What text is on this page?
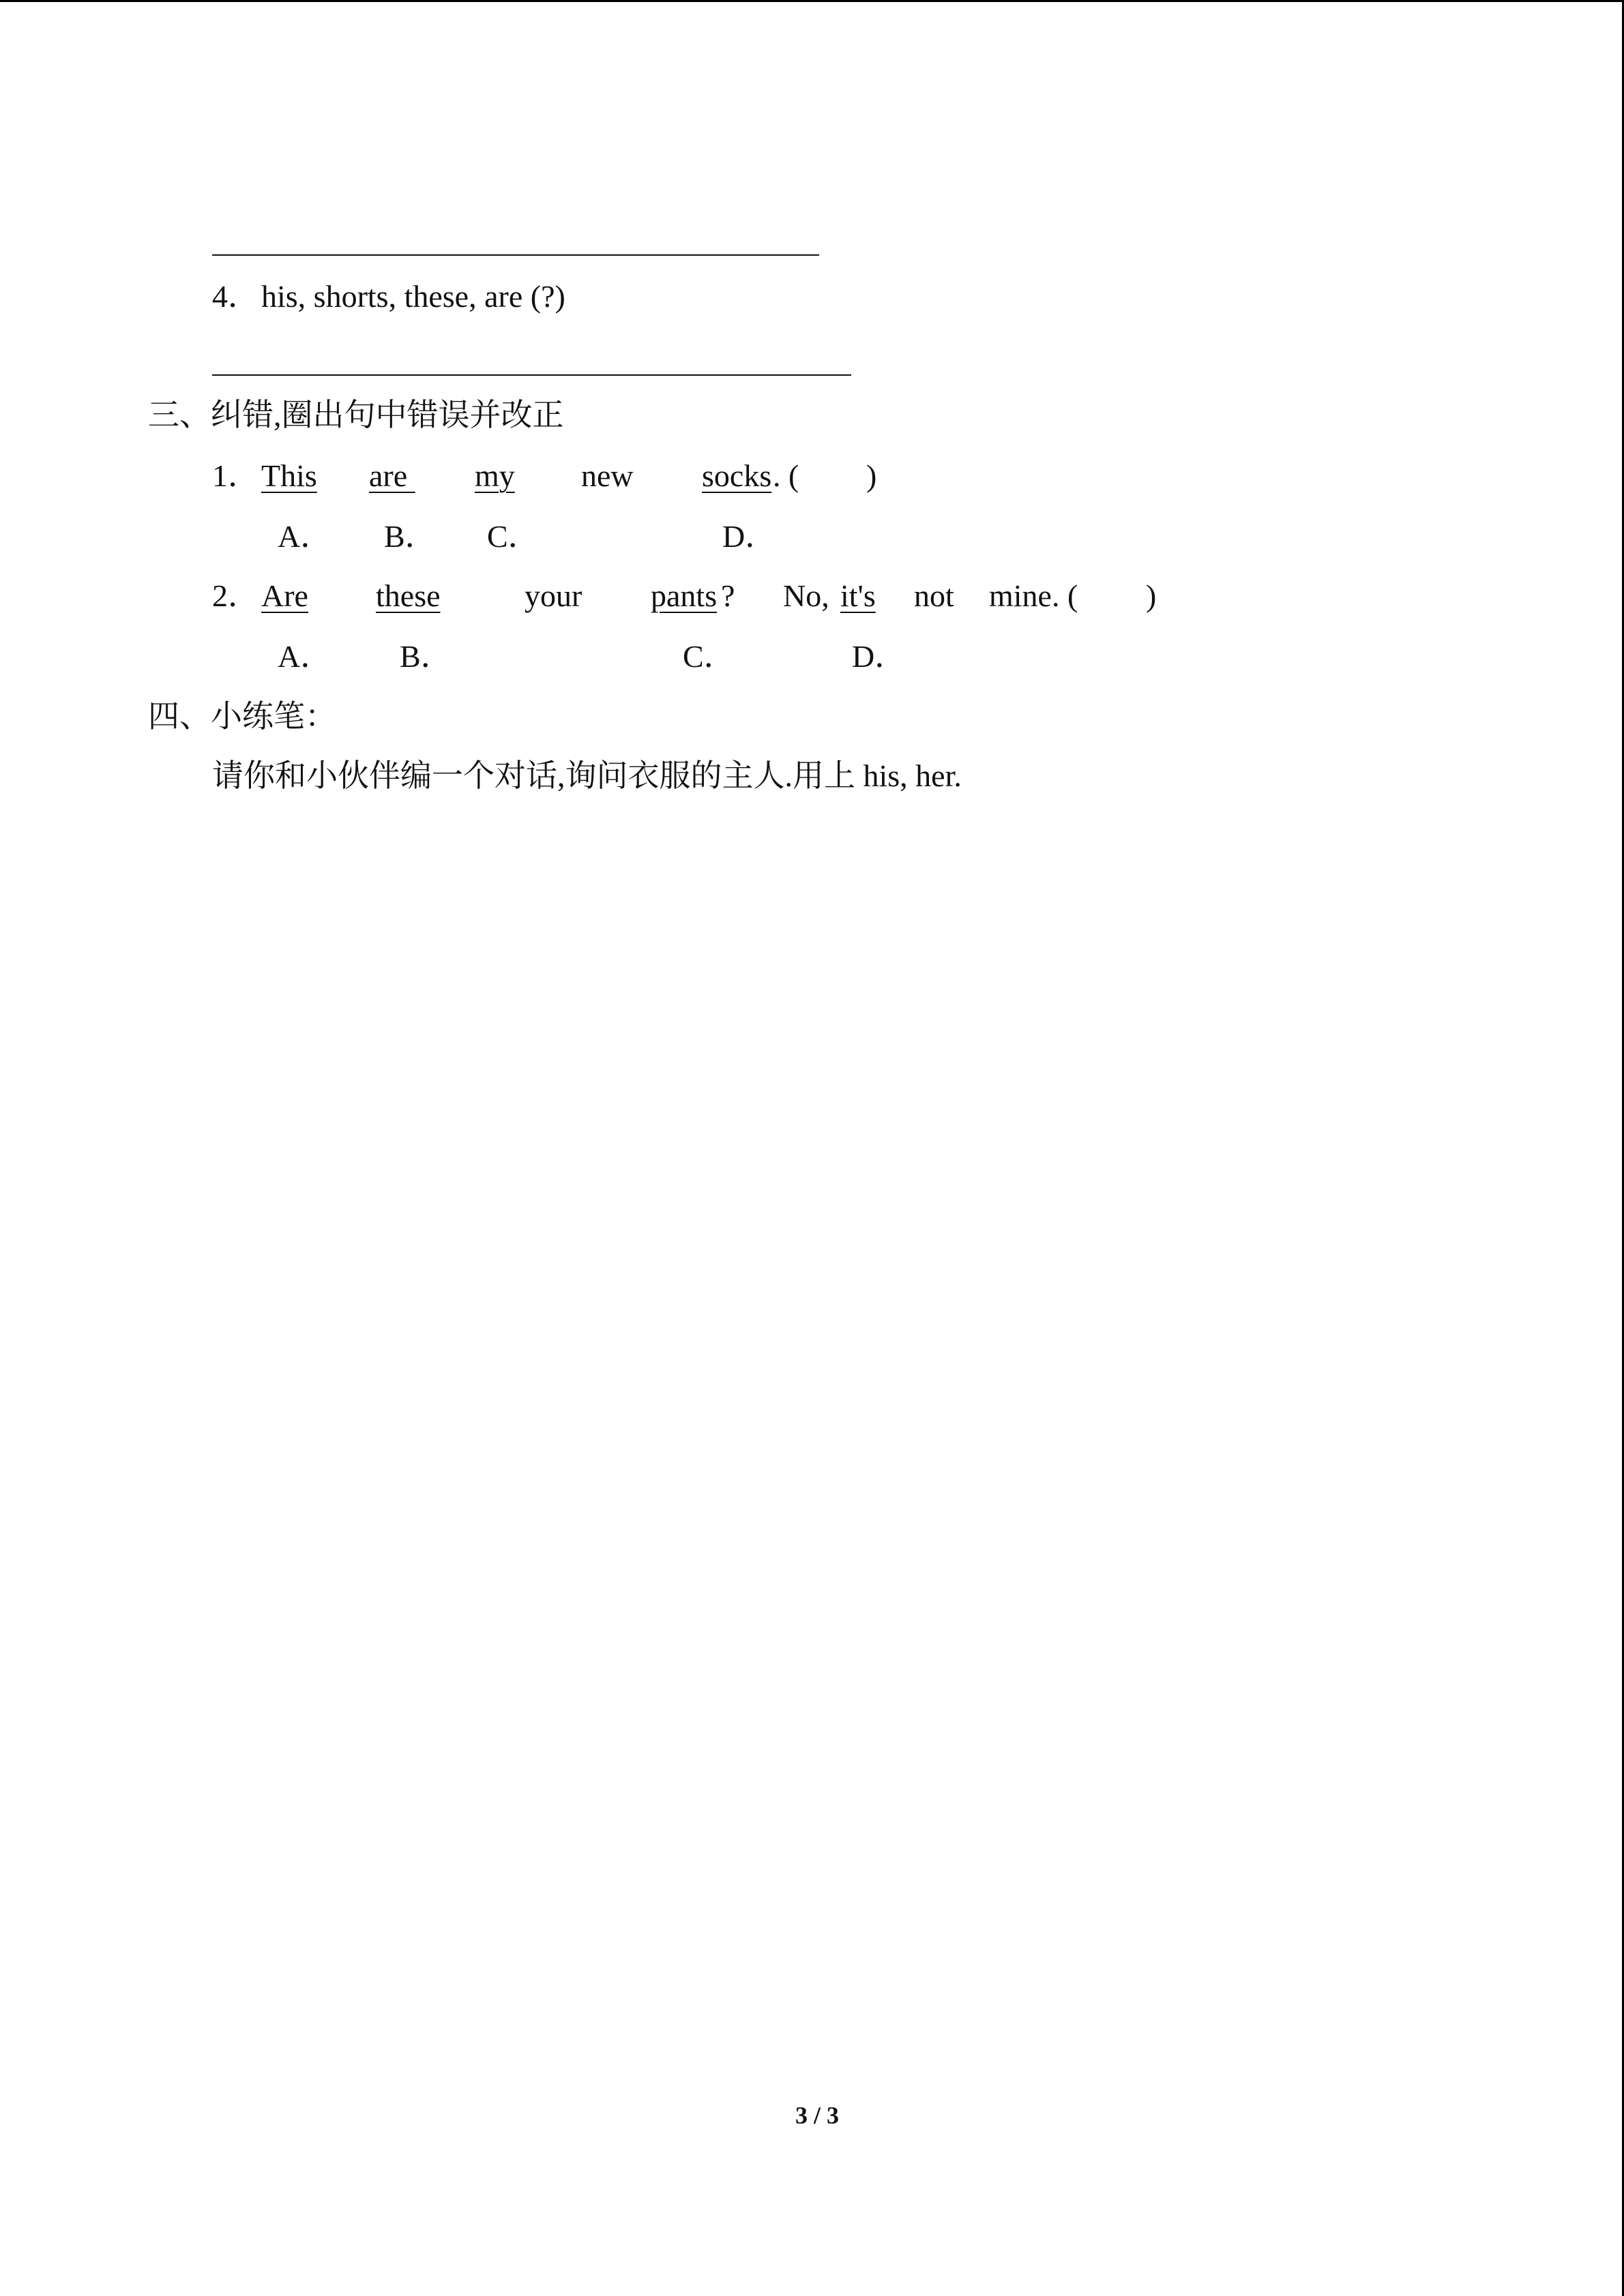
4． his, shorts, these, are (?)
三、纠错,圈出句中错误并改正
1． This are my new socks . ( )
A． B． C．	D．
2． Are these	your pants ? No, it's not mine. ( )
A． B．	C．	D．
四、小练笔：
请你和小伙伴编一个对话,询问衣服的主人.用上 his, her.
3 / 3
